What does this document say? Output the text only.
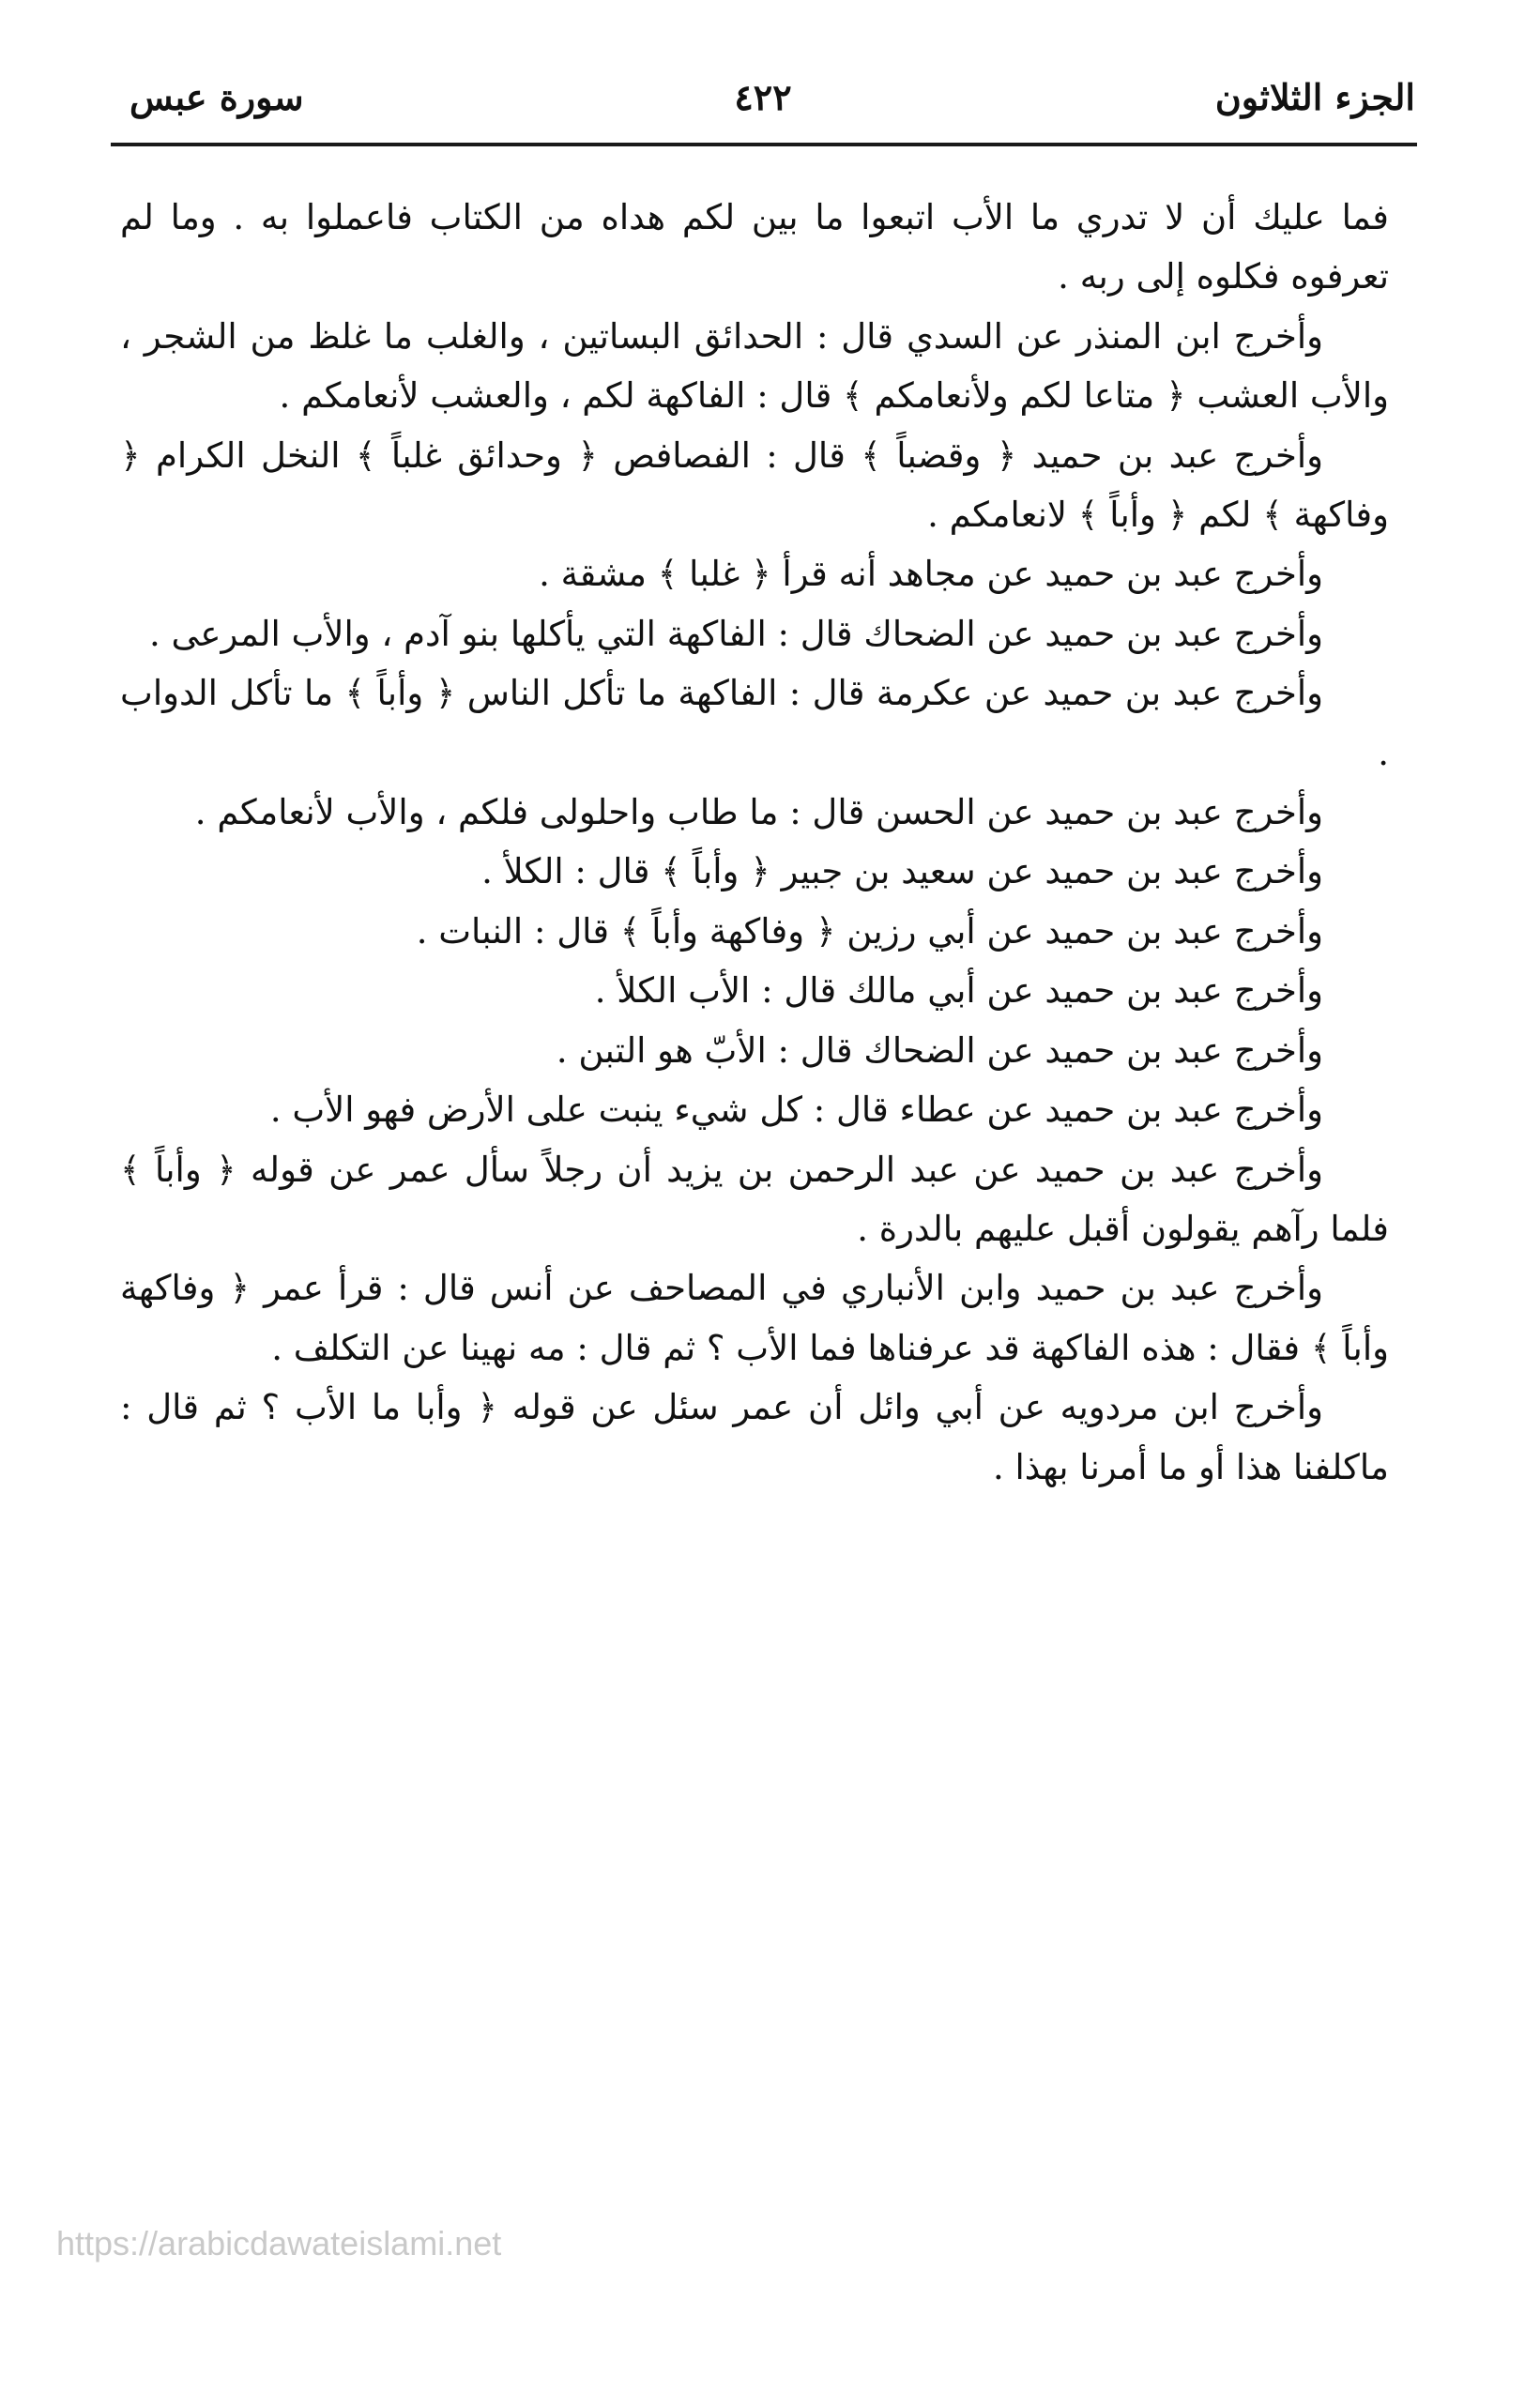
الجزء الثلاثون
٤٢٢
سورة عبس

فما عليك أن لا تدري ما الأب اتبعوا ما بين لكم هداه من الكتاب فاعملوا به . وما لم تعرفوه فكلوه إلى ربه .

وأخرج ابن المنذر عن السدي قال : الحدائق البساتين ، والغلب ما غلظ من الشجر ، والأب العشب ﴿ متاعا لكم ولأنعامكم ﴾ قال : الفاكهة لكم ، والعشب لأنعامكم .

وأخرج عبد بن حميد ﴿ وقضباً ﴾ قال : الفصافص ﴿ وحدائق غلباً ﴾ النخل الكرام ﴿ وفاكهة ﴾ لكم ﴿ وأباً ﴾ لانعامكم .

وأخرج عبد بن حميد عن مجاهد أنه قرأ ﴿ غلبا ﴾ مشقة .

وأخرج عبد بن حميد عن الضحاك قال : الفاكهة التي يأكلها بنو آدم ، والأب المرعى .

وأخرج عبد بن حميد عن عكرمة قال : الفاكهة ما تأكل الناس ﴿ وأباً ﴾ ما تأكل الدواب .

وأخرج عبد بن حميد عن الحسن قال : ما طاب واحلولى فلكم ، والأب لأنعامكم .

وأخرج عبد بن حميد عن سعيد بن جبير ﴿ وأباً ﴾ قال : الكلأ .

وأخرج عبد بن حميد عن أبي رزين ﴿ وفاكهة وأباً ﴾ قال : النبات .

وأخرج عبد بن حميد عن أبي مالك قال : الأب الكلأ .

وأخرج عبد بن حميد عن الضحاك قال : الأبّ هو التبن .

وأخرج عبد بن حميد عن عطاء قال : كل شيء ينبت على الأرض فهو الأب .

وأخرج عبد بن حميد عن عبد الرحمن بن يزيد أن رجلاً سأل عمر عن قوله ﴿ وأباً ﴾ فلما رآهم يقولون أقبل عليهم بالدرة .

وأخرج عبد بن حميد وابن الأنباري في المصاحف عن أنس قال : قرأ عمر ﴿ وفاكهة وأباً ﴾ فقال : هذه الفاكهة قد عرفناها فما الأب ؟ ثم قال : مه نهينا عن التكلف .

وأخرج ابن مردويه عن أبي وائل أن عمر سئل عن قوله ﴿ وأبا ما الأب ؟ ثم قال : ماكلفنا هذا أو ما أمرنا بهذا .

https://arabicdawateislami.net
